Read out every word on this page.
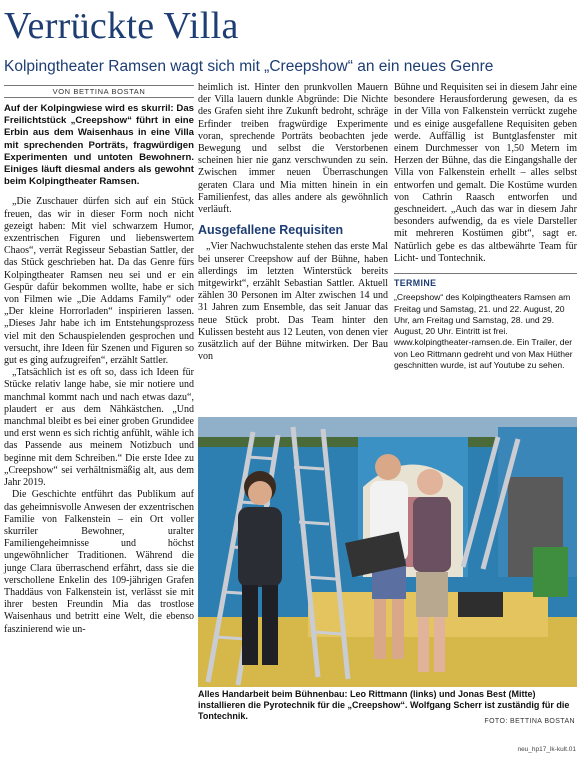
Verrückte Villa
Kolpingtheater Ramsen wagt sich mit „Creepshow“ an ein neues Genre
VON BETTINA BOSTAN

Auf der Kolpingwiese wird es skurril: Das Freilichtstück „Creepshow“ führt in eine Erbin aus dem Waisenhaus in eine Villa mit sprechenden Porträts, fragwürdigen Experimenten und untoten Bewohnern. Einiges läuft diesmal anders als gewohnt beim Kolpingtheater Ramsen.

„Die Zuschauer dürfen sich auf ein Stück freuen, das wir in dieser Form noch nicht gezeigt haben: Mit viel schwarzem Humor, exzentrischen Figuren und liebenswertem Chaos“, verrät Regisseur Sebastian Sattler, der das Stück geschrieben hat. Da das Genre fürs Kolpingtheater Ramsen neu sei und er ein Gespür dafür bekommen wollte, habe er sich von Filmen wie „Die Addams Family“ oder „Der kleine Horrorladen“ inspirieren lassen. „Dieses Jahr habe ich im Entstehungsprozess viel mit den Schauspielenden gesprochen und versucht, ihre Ideen für Szenen und Figuren so gut es ging aufzugreifen“, erzählt Sattler.

„Tatsächlich ist es oft so, dass ich Ideen für Stücke relativ lange habe, sie mir notiere und manchmal kommt nach und nach etwas dazu“, plaudert er aus dem Nähkästchen. „Und manchmal bleibt es bei einer groben Grundidee und erst wenn es sich richtig anfühlt, wähle ich das Passende aus meinem Notizbuch und beginne mit dem Schreiben.“ Die erste Idee zu „Creepshow“ sei verhältnismäßig alt, aus dem Jahr 2019.

Die Geschichte entführt das Publikum auf das geheimnisvolle Anwesen der exzentrischen Familie von Falkenstein – ein Ort voller skurriler Bewohner, uralter Familiengeheimnisse und höchst ungewöhnlicher Traditionen. Während die junge Clara überraschend erfährt, dass sie die verschollene Enkelin des 109-jährigen Grafen Thaddäus von Falkenstein ist, verlässt sie mit ihrer besten Freundin Mia das trostlose Waisenhaus und betritt eine Welt, die ebenso faszinierend wie un-

heimlich ist. Hinter den prunkvollen Mauern der Villa lauern dunkle Abgründe: Die Nichte des Grafen sieht ihre Zukunft bedroht, schräge Erfinder treiben fragwürdige Experimente voran, sprechende Porträts beobachten jede Bewegung und selbst die Verstorbenen scheinen hier nie ganz verschwunden zu sein. Zwischen immer neuen Überraschungen geraten Clara und Mia mitten hinein in ein Familienfest, das alles andere als gewöhnlich verläuft.

Ausgefallene Requisiten

„Vier Nachwuchstalente stehen das erste Mal bei unserer Creepshow auf der Bühne, haben allerdings im letzten Winterstück bereits mitgewirkt“, erzählt Sebastian Sattler. Aktuell zählen 30 Personen im Alter zwischen 14 und 31 Jahren zum Ensemble, das seit Januar das neue Stück probt. Das Team hinter den Kulissen besteht aus 12 Leuten, von denen vier zusätzlich auf der Bühne mitwirken. Der Bau von

Bühne und Requisiten sei in diesem Jahr eine besondere Herausforderung gewesen, da es in der Villa von Falkenstein verrückt zugehe und es einige ausgefallene Requisiten geben werde. Auffällig ist Buntglasfenster mit einem Durchmesser von 1,50 Metern im Herzen der Bühne, das die Eingangshalle der Villa von Falkenstein erhellt – alles selbst entworfen und gemalt. Die Kostüme wurden von Cathrin Raasch entworfen und geschneidert. „Auch das war in diesem Jahr besonders aufwendig, da es viele Darsteller mit mehreren Kostümen gibt“, sagt er. Natürlich gebe es das altbewährte Team für Licht- und Tontechnik.

TERMINE

„Creepshow“ des Kolpingtheaters Ramsen am Freitag und Samstag, 21. und 22. August, 20 Uhr, am Freitag und Samstag, 28. und 29. August, 20 Uhr. Eintritt ist frei. www.kolpingtheater-ramsen.de. Ein Trailer, der von Leo Rittmann gedreht und von Max Hüther geschnitten wurde, ist auf Youtube zu sehen.

Alles Handarbeit beim Bühnenbau: Leo Rittmann (links) und Jonas Best (Mitte) installieren die Pyrotechnik für die „Creepshow“. Wolfgang Scherr ist zuständig für die Tontechnik.
FOTO: BETTINA BOSTAN
neu_hp17_lk-kult.01
